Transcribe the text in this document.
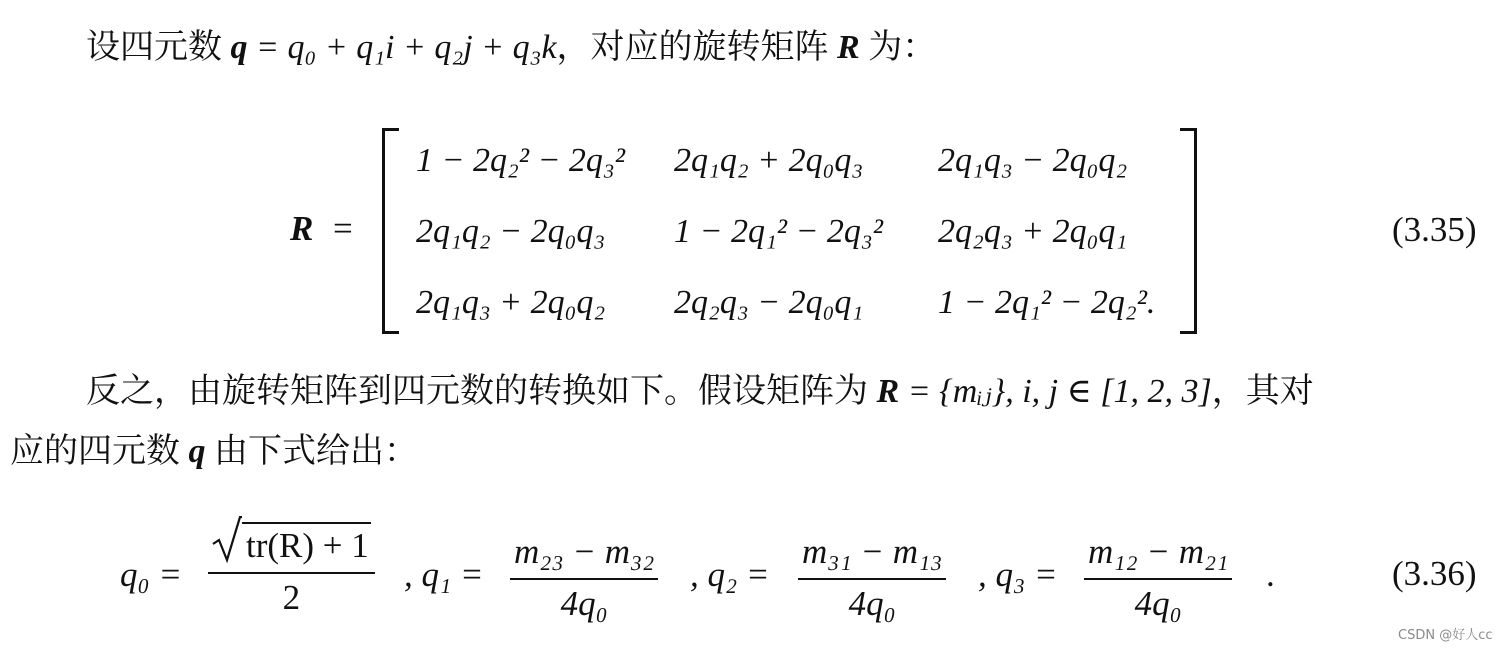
设四元数 q = q₀ + q₁i + q₂j + q₃k，对应的旋转矩阵 R 为：
R =
1 − 2q₂² − 2q₃² 2q₁q₂ + 2q₀q₃ 2q₁q₃ − 2q₀q₂
2q₁q₂ − 2q₀q₃ 1 − 2q₁² − 2q₃² 2q₂q₃ + 2q₀q₁
2q₁q₃ + 2q₀q₂ 2q₂q₃ − 2q₀q₁ 1 − 2q₁² − 2q₂².
(3.35)
反之，由旋转矩阵到四元数的转换如下。假设矩阵为 R = {mᵢⱼ}, i, j ∈ [1, 2, 3]，其对
应的四元数 q 由下式给出：
q₀ =
tr(R) + 1
2
, q₁ =
m₂₃ − m₃₂
4q₀
, q₂ =
m₃₁ − m₁₃
4q₀
, q₃ =
m₁₂ − m₂₁
4q₀
.	(3.36)
CSDN @好人cc
